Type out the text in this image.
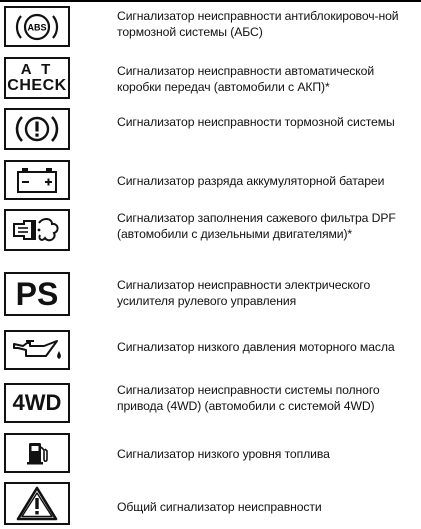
ABS
Сигнализатор неисправности антиблокировоч-ной тормозной системы (АБС)
A T
CHECK
Сигнализатор неисправности автоматической коробки передач (автомобили с АКП)*
Сигнализатор неисправности тормозной системы
Сигнализатор разряда аккумуляторной батареи
Сигнализатор заполнения сажевого фильтра DPF (автомобили с дизельными двигателями)*
PS	Сигнализатор неисправности электрического усилителя рулевого управления
Сигнализатор низкого давления моторного масла
4WD	Сигнализатор неисправности системы полного привода (4WD) (автомобили с системой 4WD)
Сигнализатор низкого уровня топлива
Общий сигнализатор неисправности
